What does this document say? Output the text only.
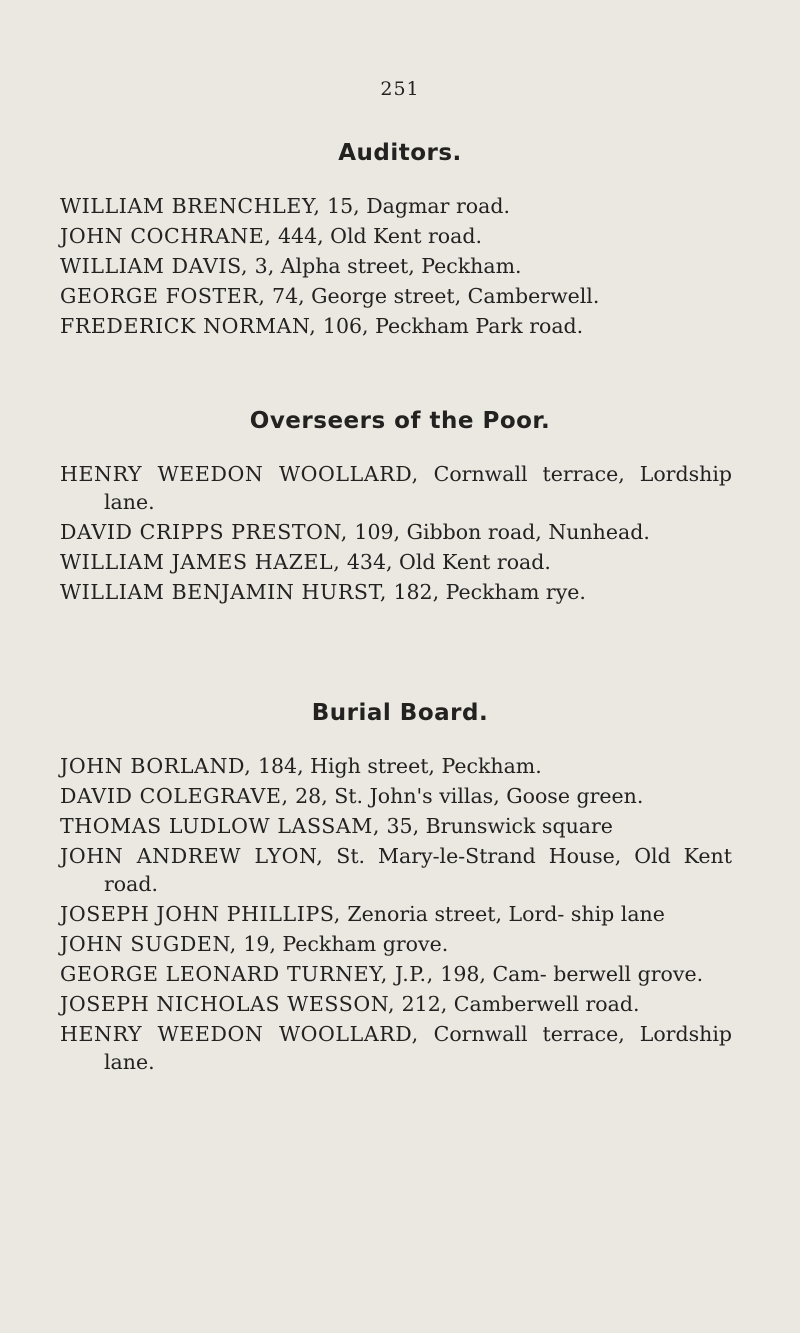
251
Auditors.
WILLIAM BRENCHLEY, 15, Dagmar road.
JOHN COCHRANE, 444, Old Kent road.
WILLIAM DAVIS, 3, Alpha street, Peckham.
GEORGE FOSTER, 74, George street, Camberwell.
FREDERICK NORMAN, 106, Peckham Park road.
Overseers of the Poor.
HENRY WEEDON WOOLLARD, Cornwall terrace, Lordship lane.
DAVID CRIPPS PRESTON, 109, Gibbon road, Nunhead.
WILLIAM JAMES HAZEL, 434, Old Kent road.
WILLIAM BENJAMIN HURST, 182, Peckham rye.
Burial Board.
JOHN BORLAND, 184, High street, Peckham.
DAVID COLEGRAVE, 28, St. John's villas, Goose green.
THOMAS LUDLOW LASSAM, 35, Brunswick square
JOHN ANDREW LYON, St. Mary-le-Strand House, Old Kent road.
JOSEPH JOHN PHILLIPS, Zenoria street, Lord- ship lane
JOHN SUGDEN, 19, Peckham grove.
GEORGE LEONARD TURNEY, J.P., 198, Cam- berwell grove.
JOSEPH NICHOLAS WESSON, 212, Camberwell road.
HENRY WEEDON WOOLLARD, Cornwall terrace, Lordship lane.
